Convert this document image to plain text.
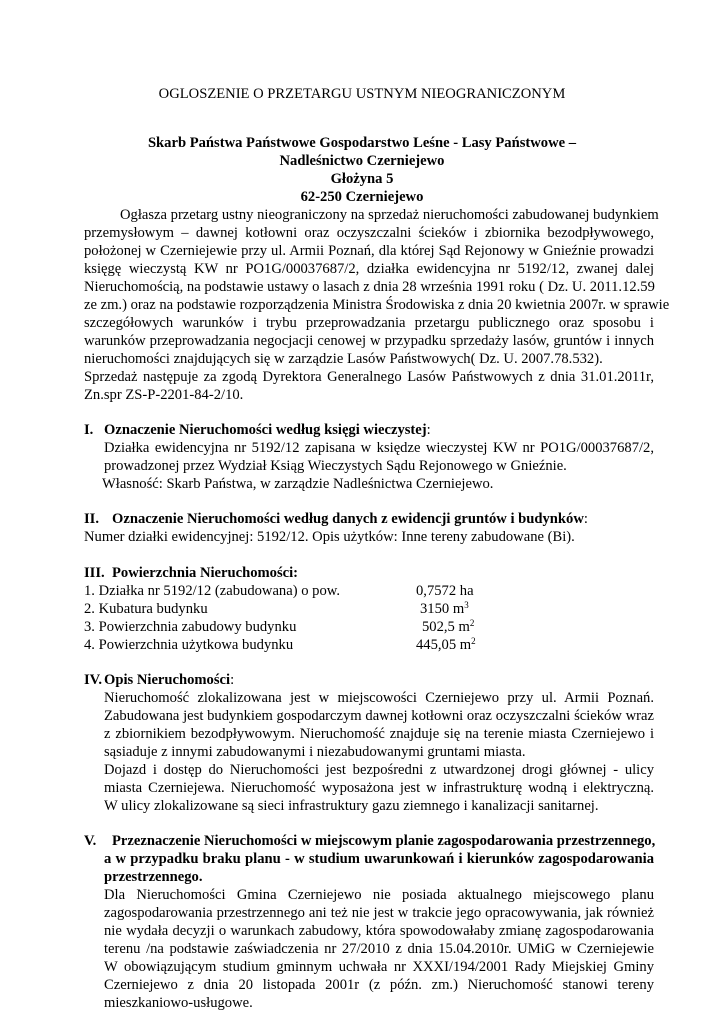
OGLOSZENIE O PRZETARGU USTNYM NIEOGRANICZONYM
Skarb Państwa Państwowe Gospodarstwo Leśne - Lasy Państwowe –
Nadleśnictwo Czerniejewo
Głożyna 5
62-250 Czerniejewo
Ogłasza przetarg ustny nieograniczony na sprzedaż nieruchomości zabudowanej budynkiem
przemysłowym – dawnej kotłowni oraz oczyszczalni ścieków i zbiornika bezodpływowego,
położonej w Czerniejewie przy ul. Armii Poznań, dla której Sąd Rejonowy w Gnieźnie prowadzi
księgę wieczystą KW nr PO1G/00037687/2, działka ewidencyjna nr 5192/12, zwanej dalej
Nieruchomością, na podstawie ustawy o lasach z dnia 28 września 1991 roku ( Dz. U. 2011.12.59
ze zm.) oraz na podstawie rozporządzenia Ministra Środowiska z dnia 20 kwietnia 2007r. w sprawie
szczegółowych warunków i trybu przeprowadzania przetargu publicznego oraz sposobu i
warunków przeprowadzania negocjacji cenowej w przypadku sprzedaży lasów, gruntów i innych
nieruchomości znajdujących się w zarządzie Lasów Państwowych( Dz. U. 2007.78.532).
Sprzedaż następuje za zgodą Dyrektora Generalnego Lasów Państwowych z dnia 31.01.2011r,
Zn.spr ZS-P-2201-84-2/10.
I. Oznaczenie Nieruchomości według księgi wieczystej:
Działka ewidencyjna nr 5192/12 zapisana w księdze wieczystej KW nr PO1G/00037687/2,
prowadzonej przez Wydział Ksiąg Wieczystych Sądu Rejonowego w Gnieźnie.
Własność: Skarb Państwa, w zarządzie Nadleśnictwa Czerniejewo.
II. Oznaczenie Nieruchomości według danych z ewidencji gruntów i budynków:
Numer działki ewidencyjnej: 5192/12. Opis użytków: Inne tereny zabudowane (Bi).
III. Powierzchnia Nieruchomości:
1. Działka nr 5192/12 (zabudowana) o pow.	0,7572 ha
2. Kubatura budynku	3150 $m^3$
3. Powierzchnia zabudowy budynku	502,5 $m^2$
4. Powierzchnia użytkowa budynku	445,05 $m^2$
IV. Opis Nieruchomości:
Nieruchomość zlokalizowana jest w miejscowości Czerniejewo przy ul. Armii Poznań.
Zabudowana jest budynkiem gospodarczym dawnej kotłowni oraz oczyszczalni ścieków wraz
z zbiornikiem bezodpływowym. Nieruchomość znajduje się na terenie miasta Czerniejewo i
sąsiaduje z innymi zabudowanymi i niezabudowanymi gruntami miasta.
Dojazd i dostęp do Nieruchomości jest bezpośredni z utwardzonej drogi głównej - ulicy
miasta Czerniejewa. Nieruchomość wyposażona jest w infrastrukturę wodną i elektryczną.
W ulicy zlokalizowane są sieci infrastruktury gazu ziemnego i kanalizacji sanitarnej.
V.	Przeznaczenie Nieruchomości w miejscowym planie zagospodarowania przestrzennego,
a w przypadku braku planu - w studium uwarunkowań i kierunków zagospodarowania
przestrzennego.
Dla Nieruchomości Gmina Czerniejewo nie posiada aktualnego miejscowego planu
zagospodarowania przestrzennego ani też nie jest w trakcie jego opracowywania, jak również
nie wydała decyzji o warunkach zabudowy, która spowodowałaby zmianę zagospodarowania
terenu /na podstawie zaświadczenia nr 27/2010 z dnia 15.04.2010r. UMiG w Czerniejewie
W obowiązującym studium gminnym uchwała nr XXXI/194/2001 Rady Miejskiej Gminy
Czerniejewo z dnia 20 listopada 2001r (z późn. zm.) Nieruchomość stanowi tereny
mieszkaniowo-usługowe.
